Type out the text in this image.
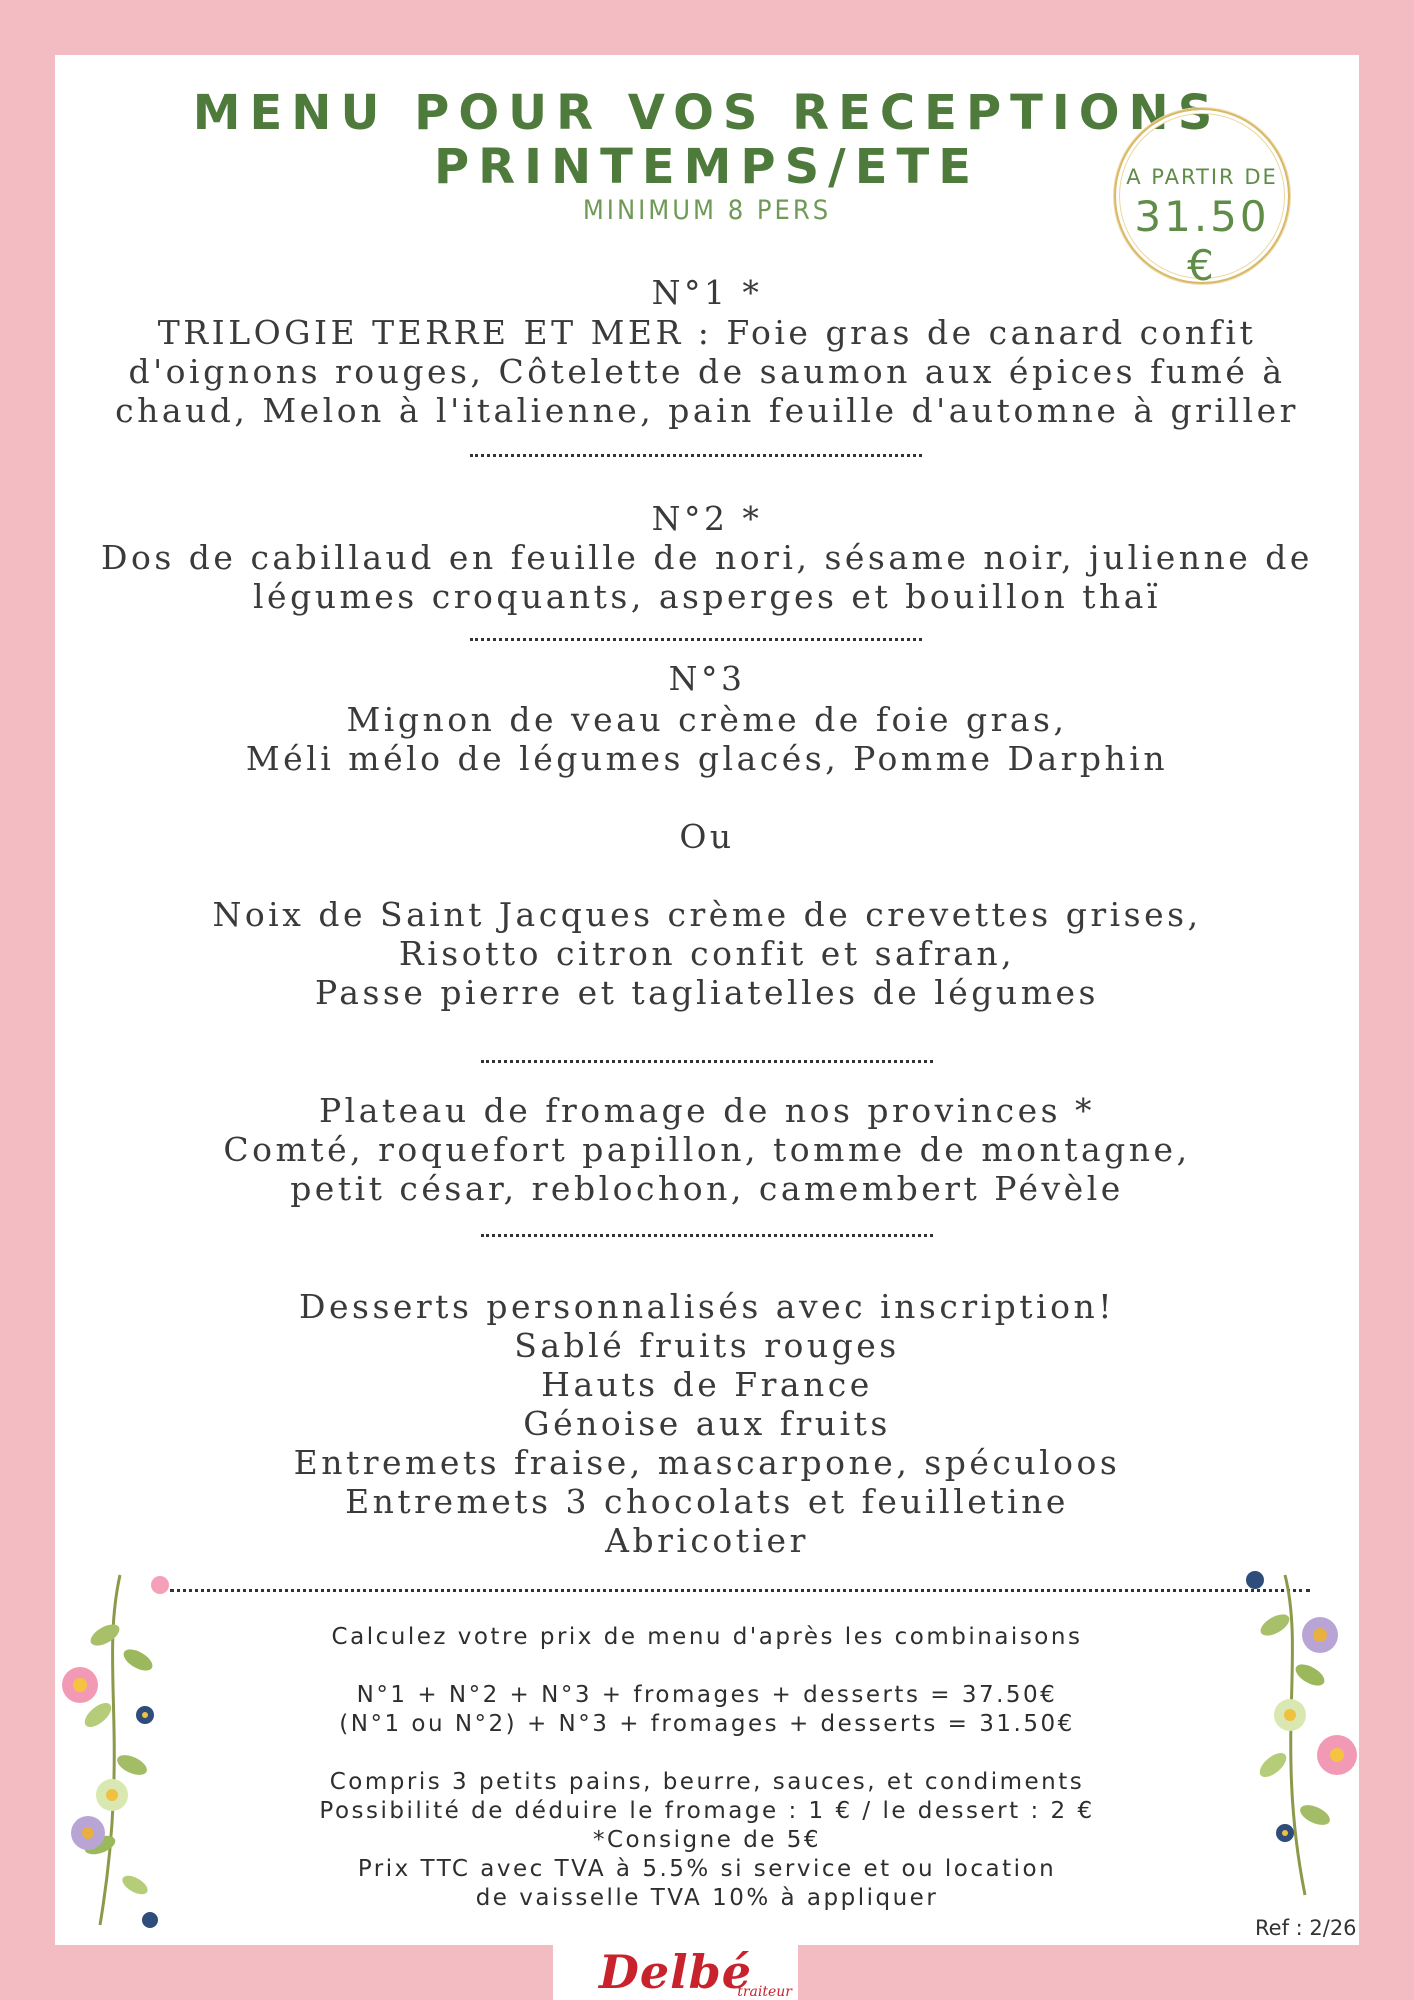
MENU POUR VOS RECEPTIONS
PRINTEMPS/ETE
MINIMUM 8 PERS
A PARTIR DE
31.50 €
N°1 *
TRILOGIE TERRE ET MER : Foie gras de canard confit
d'oignons rouges, Côtelette de saumon aux épices fumé à
chaud, Melon à l'italienne, pain feuille d'automne à griller
N°2 *
Dos de cabillaud en feuille de nori, sésame noir, julienne de
légumes croquants, asperges et bouillon thaï
N°3
Mignon de veau crème de foie gras,
Méli mélo de légumes glacés, Pomme Darphin
Ou
Noix de Saint Jacques crème de crevettes grises,
Risotto citron confit et safran,
Passe pierre et tagliatelles de légumes
Plateau de fromage de nos provinces *
Comté, roquefort papillon, tomme de montagne,
petit césar, reblochon, camembert Pévèle
Desserts personnalisés avec inscription!
Sablé fruits rouges
Hauts de France
Génoise aux fruits
Entremets fraise, mascarpone, spéculoos
Entremets 3 chocolats et feuilletine
Abricotier
Calculez votre prix de menu d'après les combinaisons
N°1 + N°2 + N°3 + fromages + desserts = 37.50€
(N°1 ou N°2) + N°3 + fromages + desserts = 31.50€
Compris 3 petits pains, beurre, sauces, et condiments
Possibilité de déduire le fromage : 1 € / le dessert : 2 €
*Consigne de 5€
Prix TTC avec TVA à 5.5% si service et ou location
de vaisselle TVA 10% à appliquer
Ref : 2/26
Delbé
traiteur
